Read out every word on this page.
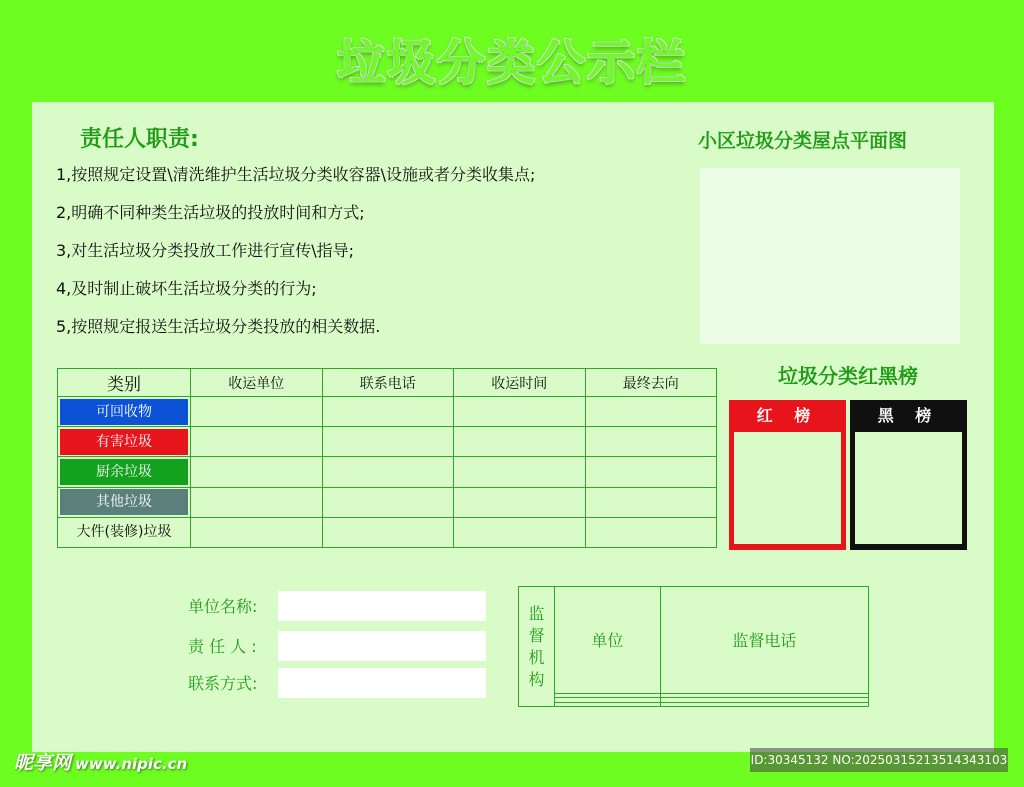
垃圾分类公示栏
责任人职责:
1,按照规定设置\清洗维护生活垃圾分类收容器\设施或者分类收集点;
2,明确不同种类生活垃圾的投放时间和方式;
3,对生活垃圾分类投放工作进行宣传\指导;
4,及时制止破坏生活垃圾分类的行为;
5,按照规定报送生活垃圾分类投放的相关数据.
小区垃圾分类屋点平面图
类别	收运单位	联系电话	收运时间	最终去向

可回收物				

有害垃圾				

厨余垃圾				

其他垃圾				

大件(装修)垃圾				

垃圾分类红黑榜
红 榜	黑 榜
单位名称:
责 任 人 :
联系方式:
监
督
机
构	单位	监督电话

昵享网 www.nipic.cn	ID:30345132 NO:20250315213514343103
